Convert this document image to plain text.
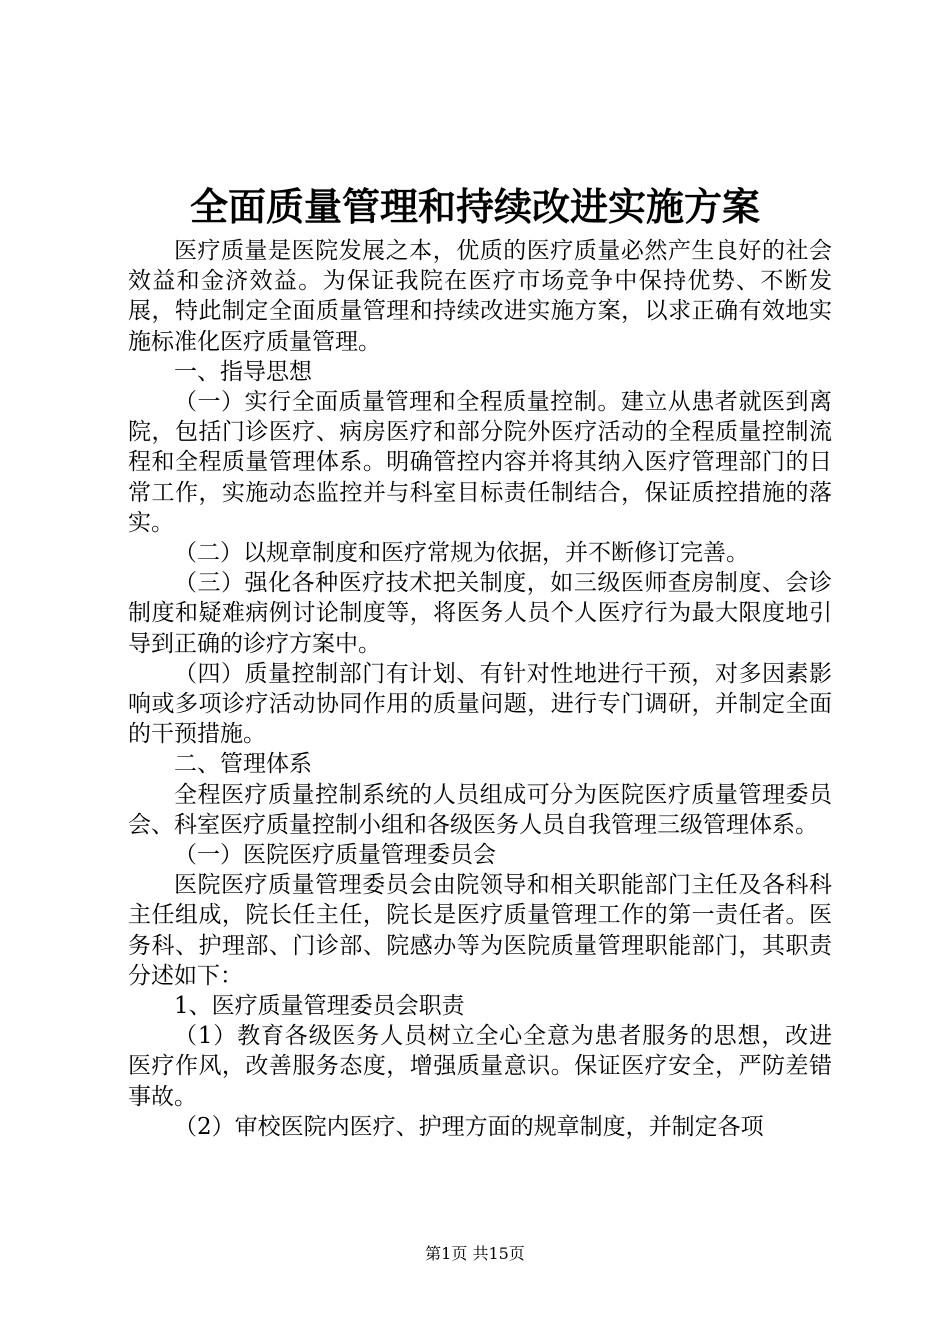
全面质量管理和持续改进实施方案

医疗质量是医院发展之本，优质的医疗质量必然产生良好的社会效益和金济效益。为保证我院在医疗市场竞争中保持优势、不断发展，特此制定全面质量管理和持续改进实施方案，以求正确有效地实施标准化医疗质量管理。

一、指导思想

（一）实行全面质量管理和全程质量控制。建立从患者就医到离院，包括门诊医疗、病房医疗和部分院外医疗活动的全程质量控制流程和全程质量管理体系。明确管控内容并将其纳入医疗管理部门的日常工作，实施动态监控并与科室目标责任制结合，保证质控措施的落实。

（二）以规章制度和医疗常规为依据，并不断修订完善。

（三）强化各种医疗技术把关制度，如三级医师查房制度、会诊制度和疑难病例讨论制度等，将医务人员个人医疗行为最大限度地引导到正确的诊疗方案中。

（四）质量控制部门有计划、有针对性地进行干预，对多因素影响或多项诊疗活动协同作用的质量问题，进行专门调研，并制定全面的干预措施。

二、管理体系

全程医疗质量控制系统的人员组成可分为医院医疗质量管理委员会、科室医疗质量控制小组和各级医务人员自我管理三级管理体系。

（一）医院医疗质量管理委员会

医院医疗质量管理委员会由院领导和相关职能部门主任及各科科主任组成，院长任主任，院长是医疗质量管理工作的第一责任者。医务科、护理部、门诊部、院感办等为医院质量管理职能部门，其职责分述如下：

1、医疗质量管理委员会职责

（1）教育各级医务人员树立全心全意为患者服务的思想，改进医疗作风，改善服务态度，增强质量意识。保证医疗安全，严防差错事故。

（2）审校医院内医疗、护理方面的规章制度，并制定各项

第1页 共15页
